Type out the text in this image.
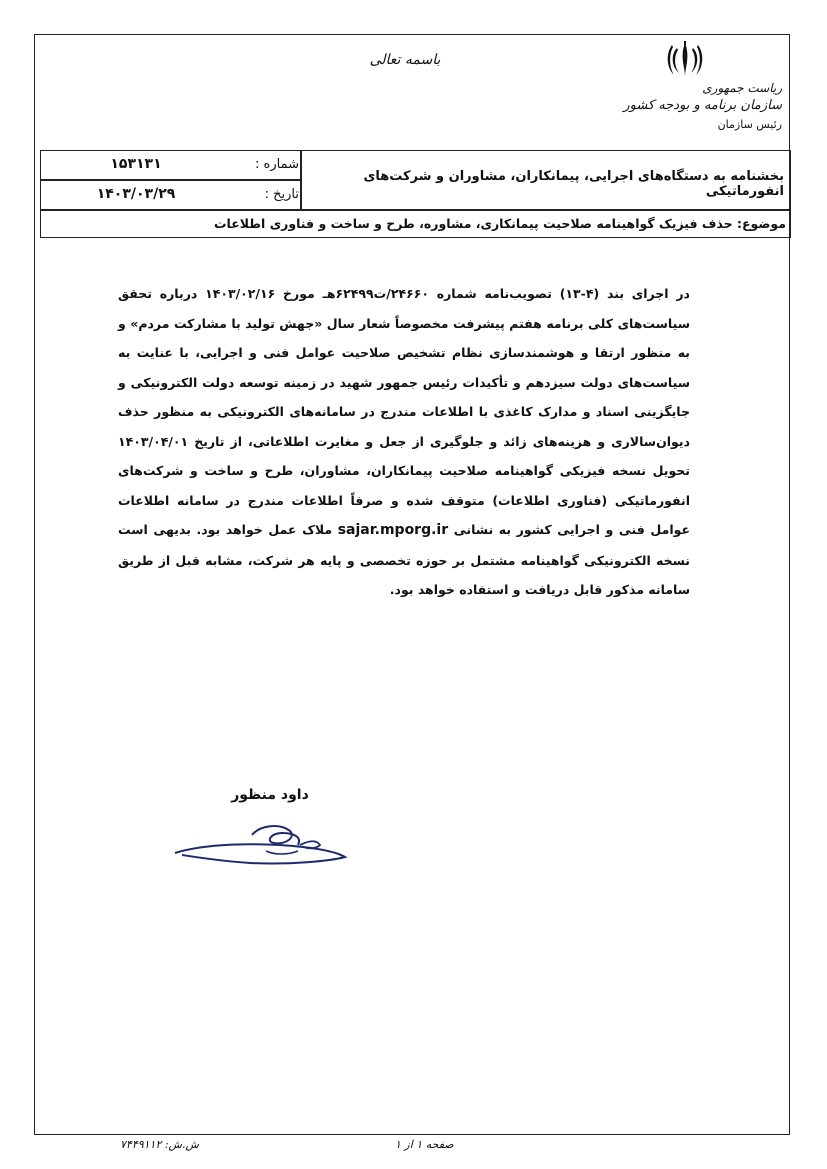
باسمه تعالی
ریاست جمهوری
سازمان برنامه و بودجه کشور
رئیس سازمان
شماره :
۱۵۳۱۳۱
تاریخ :
۱۴۰۳/۰۳/۲۹
بخشنامه به دستگاه‌های اجرایی، پیمانکاران، مشاوران و شرکت‌های انفورماتیکی
موضوع: حذف فیزیک گواهینامه صلاحیت پیمانکاری، مشاوره، طرح و ساخت و فناوری اطلاعات
در اجرای بند (۴-۱۳) تصویب‌نامه شماره ۲۴۶۶۰/ت۶۲۴۹۹هـ مورخ ۱۴۰۳/۰۲/۱۶ درباره تحقق سیاست‌های کلی برنامه هفتم پیشرفت مخصوصاً شعار سال «جهش تولید با مشارکت مردم» و به منظور ارتقا و هوشمندسازی نظام تشخیص صلاحیت عوامل فنی و اجرایی، با عنایت به سیاست‌های دولت سیزدهم و تأکیدات رئیس جمهور شهید در زمینه توسعه دولت الکترونیکی و جایگزینی اسناد و مدارک کاغذی با اطلاعات مندرج در سامانه‌های الکترونیکی به منظور حذف دیوان‌سالاری و هزینه‌های زائد و جلوگیری از جعل و مغایرت اطلاعاتی، از تاریخ ۱۴۰۳/۰۴/۰۱ تحویل نسخه فیزیکی گواهینامه صلاحیت پیمانکاران، مشاوران، طرح و ساخت و شرکت‌های انفورماتیکی (فناوری اطلاعات) متوقف شده و صرفاً اطلاعات مندرج در سامانه اطلاعات عوامل فنی و اجرایی کشور به نشانی sajar.mporg.ir ملاک عمل خواهد بود. بدیهی است نسخه الکترونیکی گواهینامه مشتمل بر حوزه تخصصی و پایه هر شرکت، مشابه قبل از طریق سامانه مذکور قابل دریافت و استفاده خواهد بود.
داود منظور
صفحه ۱ از ۱
ش.ش: ۷۴۴۹۱۱۲
